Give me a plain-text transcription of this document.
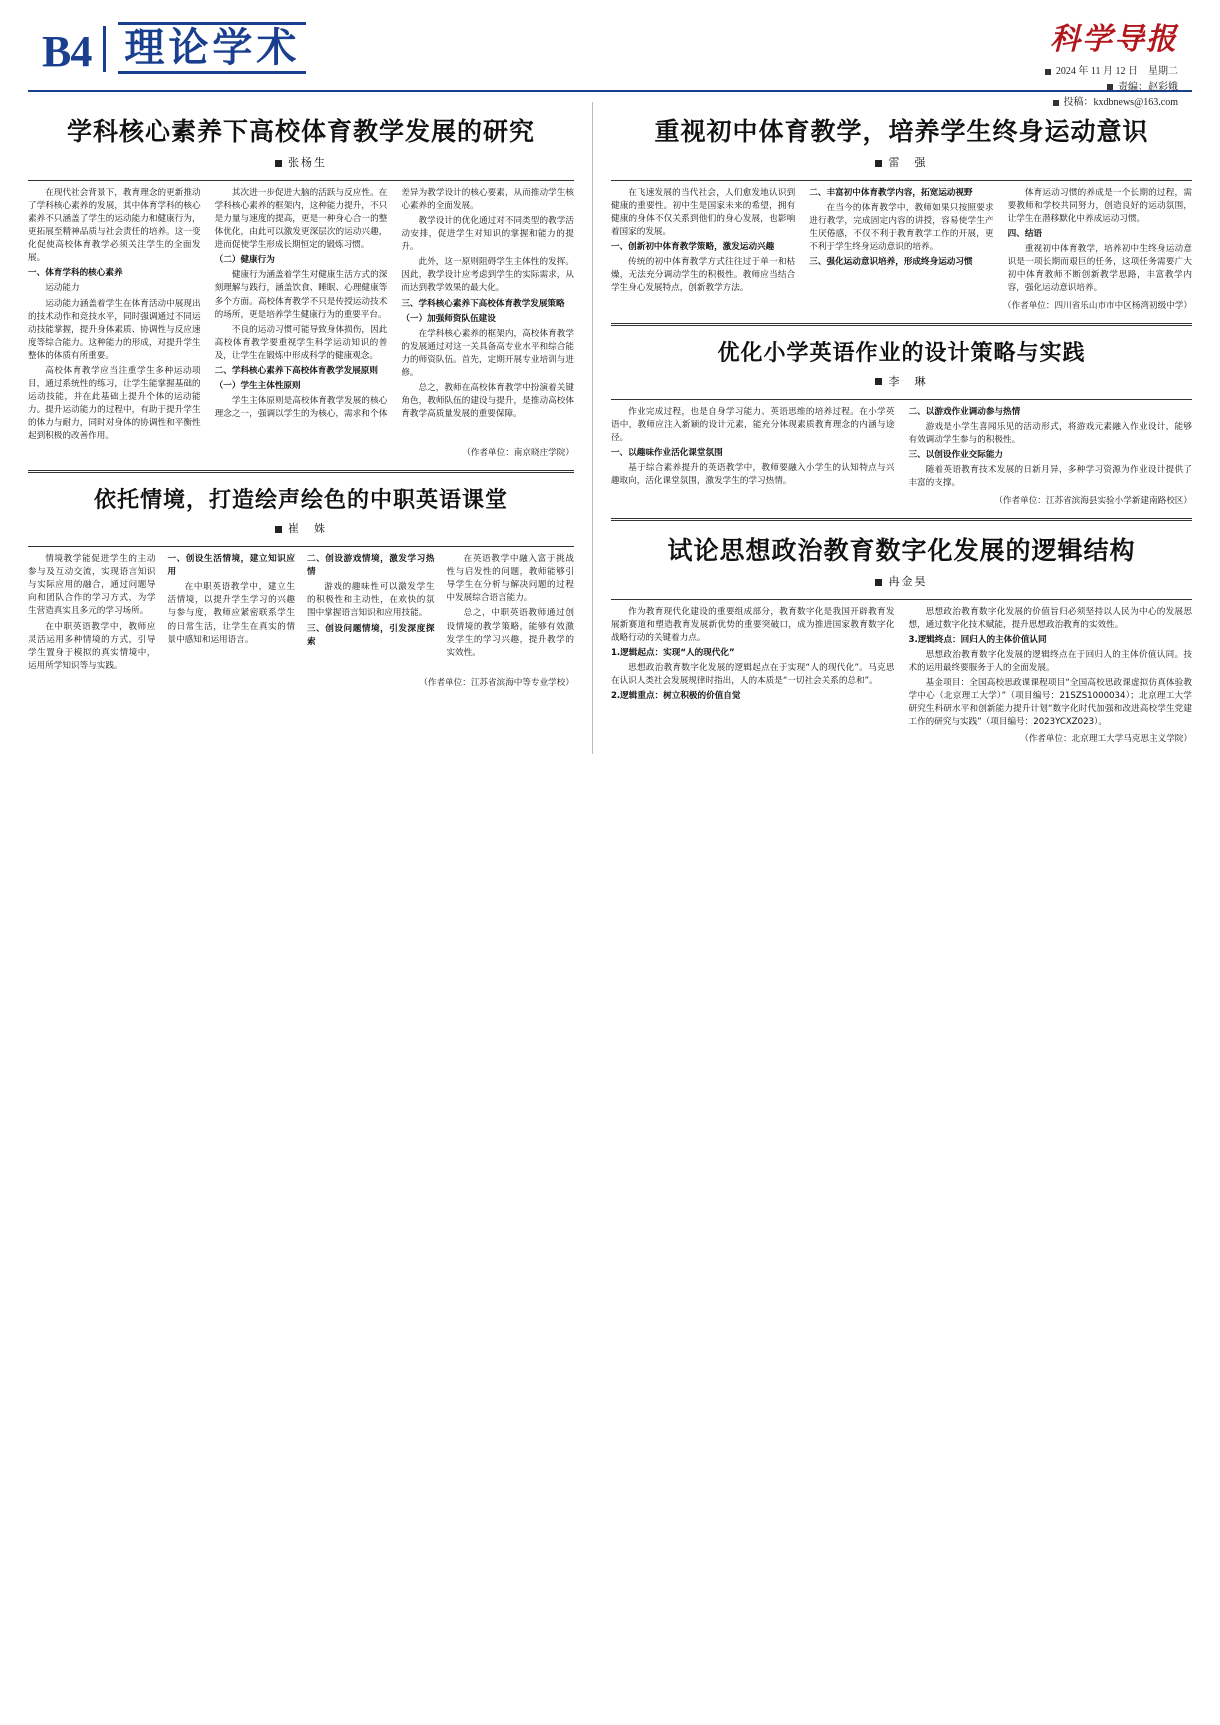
B4 理论学术	科学导报
2024 年 11 月 12 日　星期二
责编：赵彩娥
投稿：kxdbnews@163.com
学科核心素养下高校体育教学发展的研究
张杨生

在现代社会背景下，教育理念的更新推动了学科核心素养的发展，其中体育学科的核心素养不只涵盖了学生的运动能力和健康行为，更拓展至精神品质与社会责任的培养。这一变化促使高校体育教学必须关注学生的全面发展。

一、体育学科的核心素养

运动能力

运动能力涵盖着学生在体育活动中展现出的技术动作和竞技水平，同时强调通过不同运动技能掌握，提升身体素质、协调性与反应速度等综合能力。这种能力的形成，对提升学生整体的体质有所重要。

高校体育教学应当注重学生多种运动项目，通过系统性的练习，让学生能掌握基础的运动技能，并在此基础上提升个体的运动能力。提升运动能力的过程中，有助于提升学生的体力与耐力，同时对身体的协调性和平衡性起到积极的改善作用。

其次进一步促进大脑的活跃与反应性。在学科核心素养的框架内，这种能力提升，不只是力量与速度的提高，更是一种身心合一的整体优化，由此可以激发更深层次的运动兴趣，进而促使学生形成长期恒定的锻炼习惯。

（二）健康行为

健康行为涵盖着学生对健康生活方式的深刻理解与践行，涵盖饮食、睡眠、心理健康等多个方面。高校体育教学不只是传授运动技术的场所，更是培养学生健康行为的重要平台。

不良的运动习惯可能导致身体损伤，因此高校体育教学要重视学生科学运动知识的普及，让学生在锻炼中形成科学的健康观念。

二、学科核心素养下高校体育教学发展原则

（一）学生主体性原则

学生主体原则是高校体育教学发展的核心理念之一，强调以学生的为核心，需求和个体差异为教学设计的核心要素，从而推动学生核心素养的全面发展。

教学设计的优化通过对不同类型的教学活动安排，促进学生对知识的掌握和能力的提升。

此外，这一原则阻碍学生主体性的发挥。因此，教学设计应考虑到学生的实际需求，从而达到教学效果的最大化。

三、学科核心素养下高校体育教学发展策略

（一）加强师资队伍建设

在学科核心素养的框架内，高校体育教学的发展通过对这一关具备高专业水平和综合能力的师资队伍。首先，定期开展专业培训与进修。

总之，教师在高校体育教学中扮演着关键角色，教师队伍的建设与提升，是推动高校体育教学高质量发展的重要保障。

（作者单位：南京晓庄学院）
依托情境，打造绘声绘色的中职英语课堂
崔　姝

情境教学能促进学生的主动参与及互动交流，实现语言知识与实际应用的融合，通过问题导向和团队合作的学习方式，为学生营造真实且多元的学习场所。

在中职英语教学中，教师应灵活运用多种情境的方式，引导学生置身于模拟的真实情境中，运用所学知识等与实践。

一、创设生活情境，建立知识应用

在中职英语教学中，建立生活情境，以提升学生学习的兴趣与参与度，教师应紧密联系学生的日常生活，让学生在真实的情景中感知和运用语言。

二、创设游戏情境，激发学习热情

游戏的趣味性可以激发学生的积极性和主动性，在欢快的氛围中掌握语言知识和应用技能。

三、创设问题情境，引发深度探索

在英语教学中融入富于挑战性与启发性的问题，教师能够引导学生在分析与解决问题的过程中发展综合语言能力。

总之，中职英语教师通过创设情境的教学策略，能够有效激发学生的学习兴趣，提升教学的实效性。

（作者单位：江苏省滨海中等专业学校）
重视初中体育教学，培养学生终身运动意识
雷　强

在飞速发展的当代社会，人们愈发地认识到健康的重要性。初中生是国家未来的希望，拥有健康的身体不仅关系到他们的身心发展，也影响着国家的发展。

一、创新初中体育教学策略，激发运动兴趣

传统的初中体育教学方式往往过于单一和枯燥，无法充分调动学生的积极性。教师应当结合学生身心发展特点，创新教学方法。

二、丰富初中体育教学内容，拓宽运动视野

在当今的体育教学中，教师如果只按照要求进行教学，完成固定内容的讲授，容易使学生产生厌倦感，不仅不利于教育教学工作的开展，更不利于学生终身运动意识的培养。

三、强化运动意识培养，形成终身运动习惯

体育运动习惯的养成是一个长期的过程，需要教师和学校共同努力，创造良好的运动氛围，让学生在潜移默化中养成运动习惯。

四、结语

重视初中体育教学，培养初中生终身运动意识是一项长期而艰巨的任务，这项任务需要广大初中体育教师不断创新教学思路，丰富教学内容，强化运动意识培养。

（作者单位：四川省乐山市市中区杨湾初级中学）
优化小学英语作业的设计策略与实践
李　琳

作业完成过程，也是自身学习能力、英语思维的培养过程。在小学英语中，教师应注入新颖的设计元素，能充分体现素质教育理念的内涵与途径。

一、以趣味作业活化课堂氛围

基于综合素养提升的英语教学中，教师要融入小学生的认知特点与兴趣取向，活化课堂氛围，激发学生的学习热情。

二、以游戏作业调动参与热情

游戏是小学生喜闻乐见的活动形式，将游戏元素融入作业设计，能够有效调动学生参与的积极性。

三、以创设作业交际能力

随着英语教育技术发展的日新月异，多种学习资源为作业设计提供了丰富的支撑。

（作者单位：江苏省滨海县实验小学新建南路校区）
试论思想政治教育数字化发展的逻辑结构
冉金昊

作为教育现代化建设的重要组成部分，教育数字化是我国开辟教育发展新赛道和塑造教育发展新优势的重要突破口，成为推进国家教育数字化战略行动的关键着力点。

1.逻辑起点：实现“人的现代化”

思想政治教育数字化发展的逻辑起点在于实现“人的现代化”。马克思在认识人类社会发展规律时指出，人的本质是“一切社会关系的总和”。

2.逻辑重点：树立积极的价值自觉

思想政治教育数字化发展的价值旨归必须坚持以人民为中心的发展思想，通过数字化技术赋能，提升思想政治教育的实效性。

3.逻辑终点：回归人的主体价值认同

思想政治教育数字化发展的逻辑终点在于回归人的主体价值认同。技术的运用最终要服务于人的全面发展。

基金项目：全国高校思政课课程项目“全国高校思政课虚拟仿真体验教学中心（北京理工大学）”（项目编号：21SZS1000034）；北京理工大学研究生科研水平和创新能力提升计划“数字化时代加强和改进高校学生党建工作的研究与实践”（项目编号：2023YCXZ023）。

（作者单位：北京理工大学马克思主义学院）
